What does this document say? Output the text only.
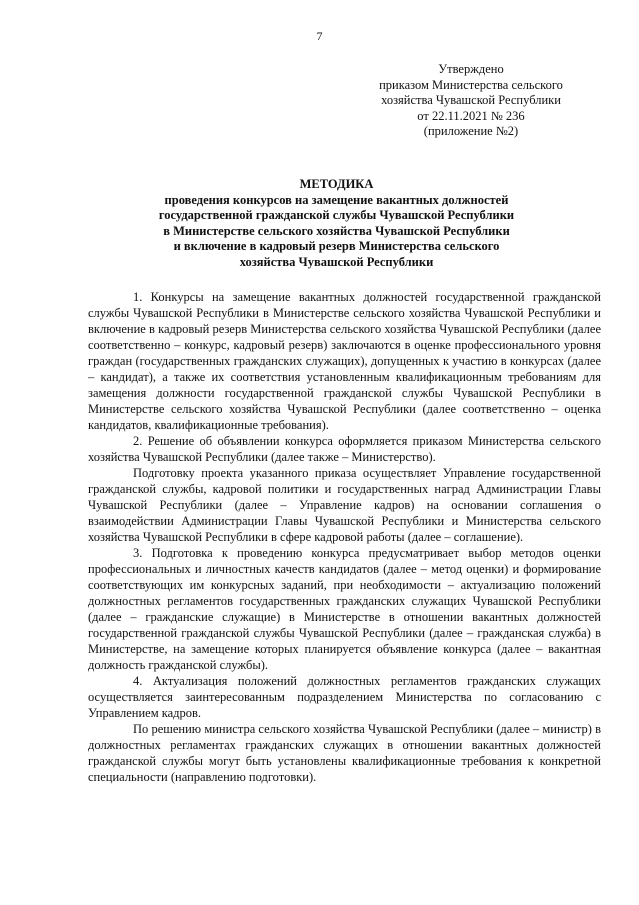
7
Утверждено
приказом Министерства сельского
хозяйства Чувашской Республики
от 22.11.2021 № 236
(приложение №2)
МЕТОДИКА
проведения конкурсов на замещение вакантных должностей
государственной гражданской службы Чувашской Республики
в Министерстве сельского хозяйства Чувашской Республики
и включение в кадровый резерв Министерства сельского
хозяйства Чувашской Республики

1. Конкурсы на замещение вакантных должностей государственной гражданской службы Чувашской Республики в Министерстве сельского хозяйства Чувашской Республики и включение в кадровый резерв Министерства сельского хозяйства Чувашской Республики (далее соответственно – конкурс, кадровый резерв) заключаются в оценке профессионального уровня граждан (государственных гражданских служащих), допущенных к участию в конкурсах (далее – кандидат), а также их соответствия установленным квалификационным требованиям для замещения должности государственной гражданской службы Чувашской Республики в Министерстве сельского хозяйства Чувашской Республики (далее соответственно – оценка кандидатов, квалификационные требования).

2. Решение об объявлении конкурса оформляется приказом Министерства сельского хозяйства Чувашской Республики (далее также – Министерство).

Подготовку проекта указанного приказа осуществляет Управление государственной гражданской службы, кадровой политики и государственных наград Администрации Главы Чувашской Республики (далее – Управление кадров) на основании соглашения о взаимодействии Администрации Главы Чувашской Республики и Министерства сельского хозяйства Чувашской Республики в сфере кадровой работы (далее – соглашение).

3. Подготовка к проведению конкурса предусматривает выбор методов оценки профессиональных и личностных качеств кандидатов (далее – метод оценки) и формирование соответствующих им конкурсных заданий, при необходимости – актуализацию положений должностных регламентов государственных гражданских служащих Чувашской Республики (далее – гражданские служащие) в Министерстве в отношении вакантных должностей государственной гражданской службы Чувашской Республики (далее – гражданская служба) в Министерстве, на замещение которых планируется объявление конкурса (далее – вакантная должность гражданской службы).

4. Актуализация положений должностных регламентов гражданских служащих осуществляется заинтересованным подразделением Министерства по согласованию с Управлением кадров.

По решению министра сельского хозяйства Чувашской Республики (далее – министр) в должностных регламентах гражданских служащих в отношении вакантных должностей гражданской службы могут быть установлены квалификационные требования к конкретной специальности (направлению подготовки).
